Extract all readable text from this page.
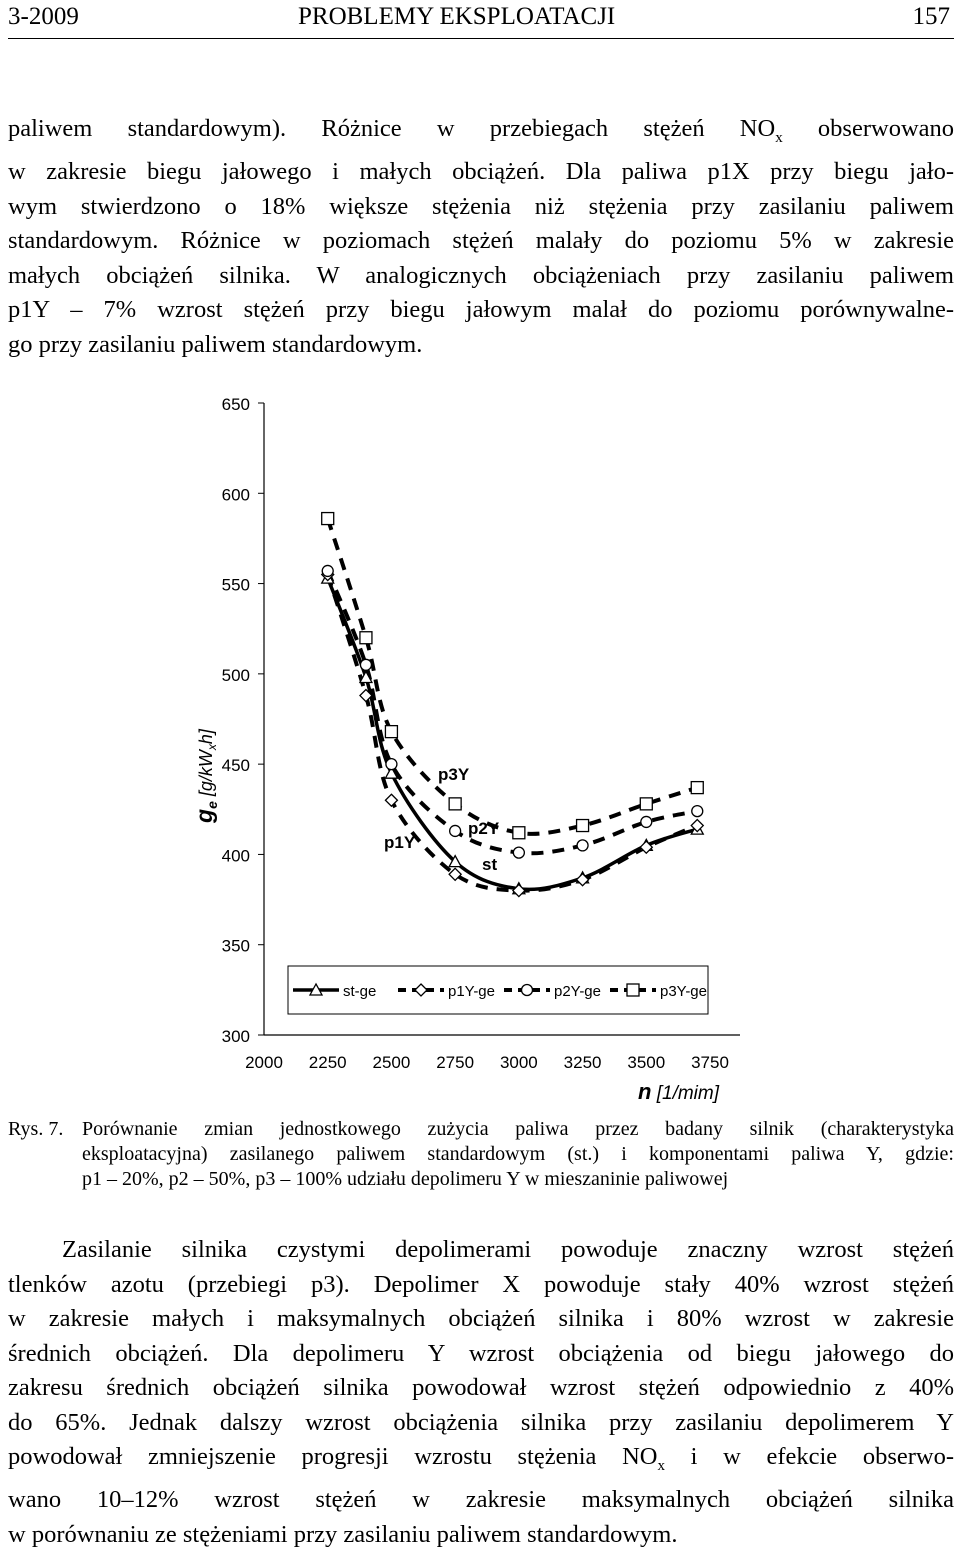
3-2009	PROBLEMY EKSPLOATACJI	157
paliwem standardowym). Różnice w przebiegach stężeń $NO_x$ obserwowano
w zakresie biegu jałowego i małych obciążeń. Dla paliwa p1X przy biegu jało-
wym stwierdzono o 18% większe stężenia niż stężenia przy zasilaniu paliwem
standardowym. Różnice w poziomach stężeń malały do poziomu 5% w zakresie
małych obciążeń silnika. W analogicznych obciążeniach przy zasilaniu paliwem
p1Y – 7% wzrost stężeń przy biegu jałowym malał do poziomu porównywalne-
go przy zasilaniu paliwem standardowym.
$g_e$ $[g/kW_xh]$
300
350
400
450
500
550
600
650
2000 2250 2500 2750 3000 3250 3500 3750
n [1/mim]
p3Y
p2Y
p1Y
st
st-ge	p1Y-ge	p2Y-ge	p3Y-ge
Rys. 7. Porównanie zmian jednostkowego zużycia paliwa przez badany silnik (charakterystyka
eksploatacyjna) zasilanego paliwem standardowym (st.) i komponentami paliwa Y, gdzie:
p1 – 20%, p2 – 50%, p3 – 100% udziału depolimeru Y w mieszaninie paliwowej
Zasilanie silnika czystymi depolimerami powoduje znaczny wzrost stężeń
tlenków azotu (przebiegi p3). Depolimer X powoduje stały 40% wzrost stężeń
w zakresie małych i maksymalnych obciążeń silnika i 80% wzrost w zakresie
średnich obciążeń. Dla depolimeru Y wzrost obciążenia od biegu jałowego do
zakresu średnich obciążeń silnika powodował wzrost stężeń odpowiednio z 40%
do 65%. Jednak dalszy wzrost obciążenia silnika przy zasilaniu depolimerem Y
powodował zmniejszenie progresji wzrostu stężenia $NO_x$ i w efekcie obserwo-
wano 10–12% wzrost stężeń w zakresie maksymalnych obciążeń silnika
w porównaniu ze stężeniami przy zasilaniu paliwem standardowym.
